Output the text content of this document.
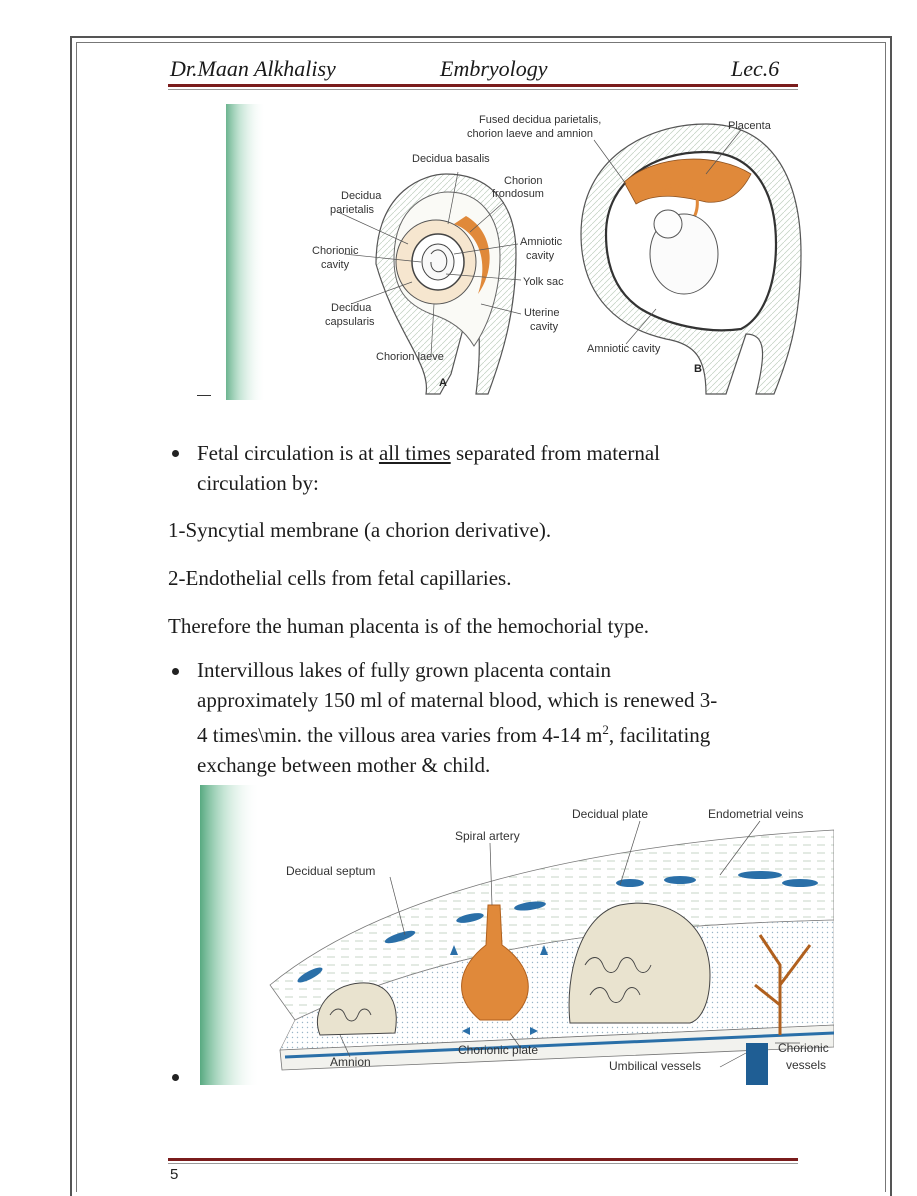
Dr.Maan Alkhalisy	Embryology	Lec.6
Fused decidua parietalis,
chorion laeve and amnion
Placenta
Decidua basalis
Chorion
frondosum
Decidua
parietalis
Chorionic
cavity
Amniotic
cavity
Yolk sac
Decidua
capsularis
Uterine
cavity
Chorion laeve
Amniotic cavity
A
B
Fetal circulation is at all times separated from maternal
circulation by:
1-Syncytial membrane (a chorion derivative).
2-Endothelial cells from fetal capillaries.
Therefore the human placenta is of the hemochorial type.
Intervillous lakes of fully grown placenta contain
approximately 150 ml of maternal blood, which is renewed 3-
4 times\min. the villous area varies from 4-14 $m^2$, facilitating
exchange between mother & child.
Decidual plate	Endometrial veins
Spiral artery
Decidual septum
Amnion
Chorionic plate
Umbilical vessels
Chorionic
vessels
5
